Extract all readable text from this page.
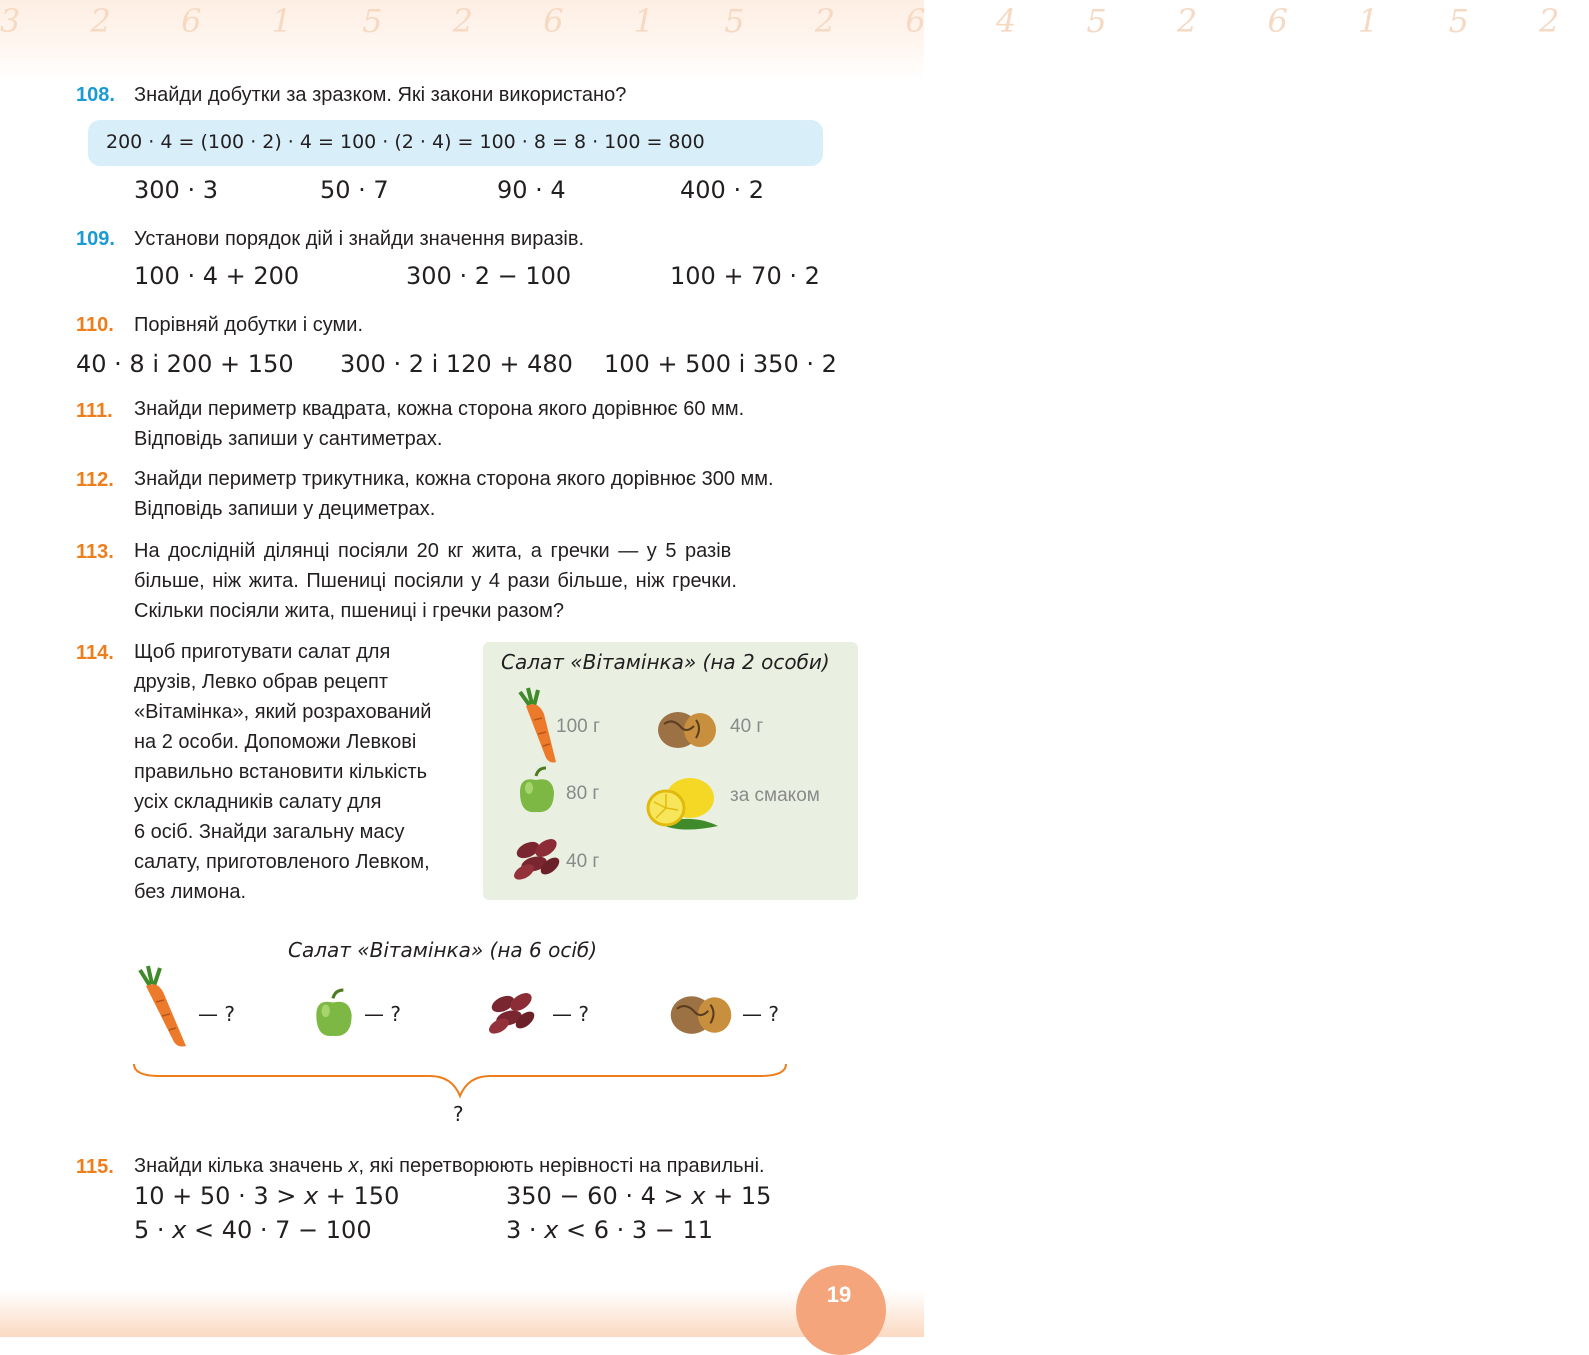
3 2 6 1 5 2 6 1 5 2 6 4 5 2 6 1 5 2
108. Знайди добутки за зразком. Які закони використано?
200 · 4 = (100 · 2) · 4 = 100 · (2 · 4) = 100 · 8 = 8 · 100 = 800
300 · 3	50 · 7	90 · 4	400 · 2
109. Установи порядок дій і знайди значення виразів.
100 · 4 + 200	300 · 2 − 100	100 + 70 · 2
110. Порівняй добутки і суми.
40 · 8 і 200 + 150 300 · 2 і 120 + 480 100 + 500 і 350 · 2
111. Знайди периметр квадрата, кожна сторона якого дорівнює 60 мм.
Відповідь запиши у сантиметрах.
112. Знайди периметр трикутника, кожна сторона якого дорівнює 300 мм.
Відповідь запиши у дециметрах.
113. На дослідній ділянці посіяли 20 кг жита, а гречки — у 5 разів
більше, ніж жита. Пшениці посіяли у 4 рази більше, ніж гречки.
Скільки посіяли жита, пшениці і гречки разом?
114. Щоб приготувати салат для
друзів, Левко обрав рецепт
«Вітамінка», який розрахований
на 2 особи. Допоможи Левкові
правильно встановити кількість
усіх складників салату для
6 осіб. Знайди загальну масу
салату, приготовленого Левком,
без лимона.
Салат «Вітамінка» (на 2 особи)
100 г	40 г
80 г	за смаком
40 г
Салат «Вітамінка» (на 6 осіб)
— ?	— ?	— ?	— ?
?
115. Знайди кілька значень x, які перетворюють нерівності на правильні.
10 + 50 · 3 > x + 150	350 − 60 · 4 > x + 15
5 · x < 40 · 7 − 100	3 · x < 6 · 3 − 11
19
